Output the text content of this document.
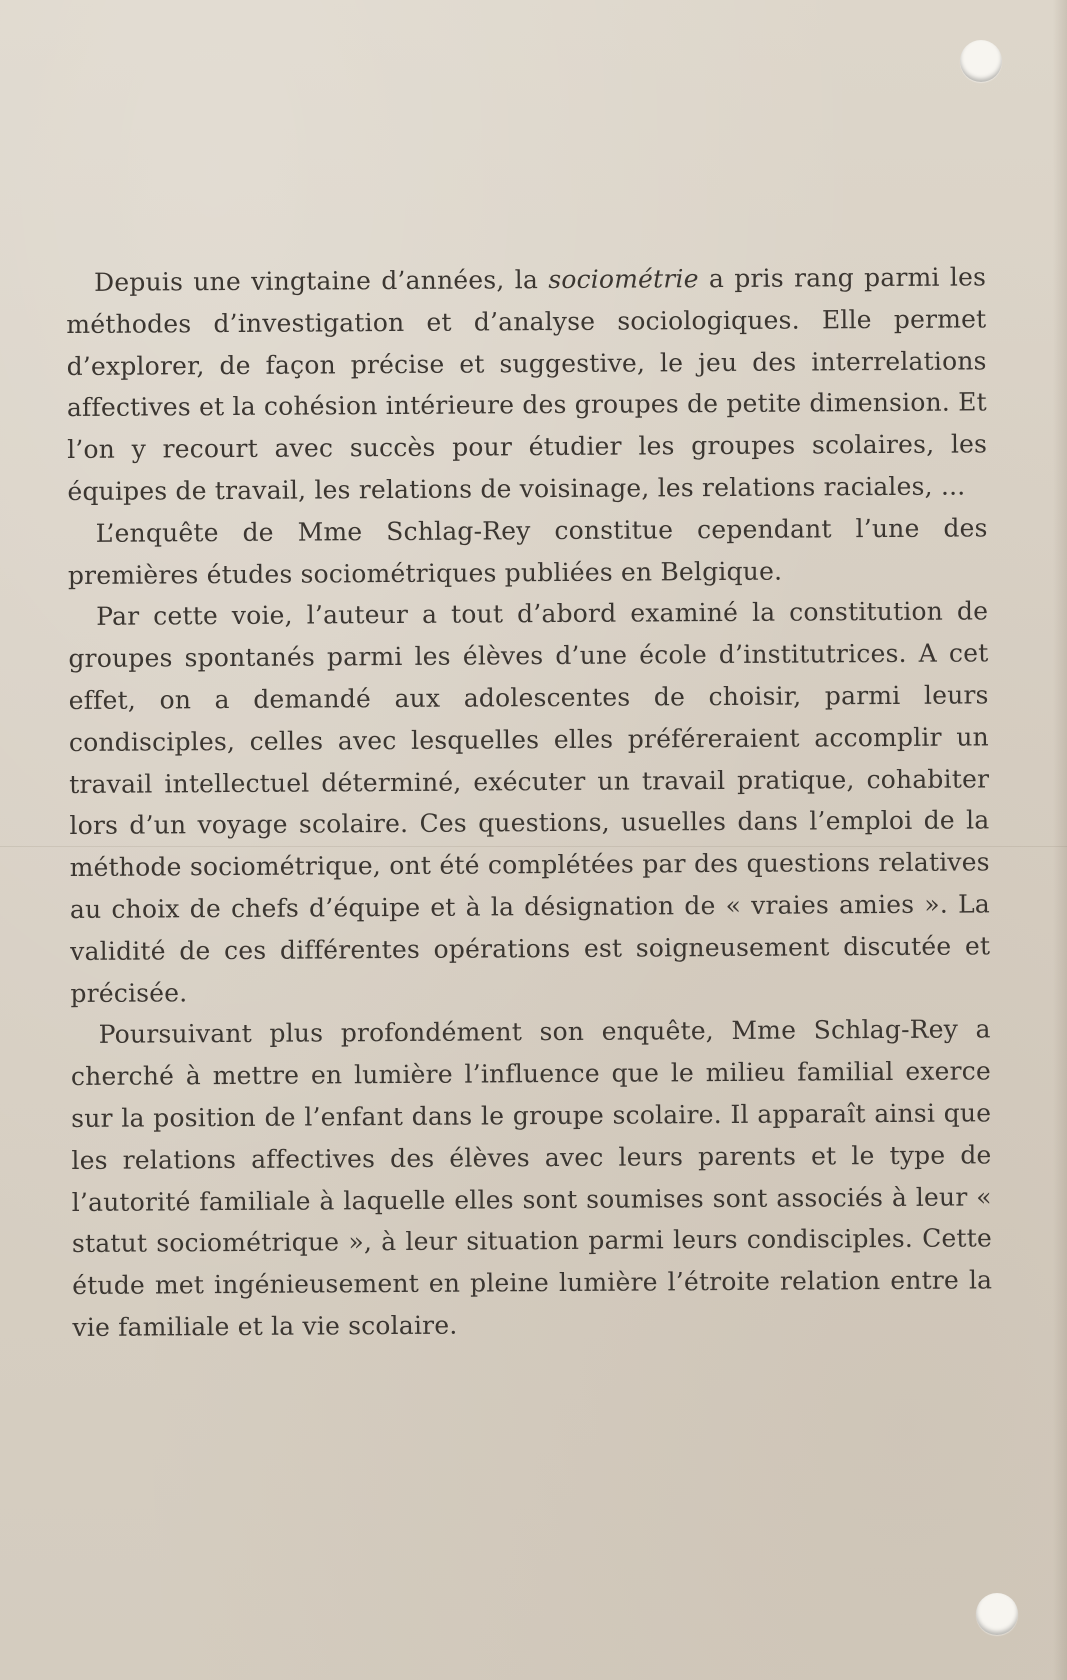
Depuis une vingtaine d’années, la sociométrie a pris rang parmi les méthodes d’investigation et d’analyse sociologiques. Elle permet d’explorer, de façon précise et suggestive, le jeu des interrelations affectives et la cohésion intérieure des groupes de petite dimension. Et l’on y recourt avec succès pour étudier les groupes scolaires, les équipes de travail, les relations de voisinage, les relations raciales, ...

L’enquête de Mme Schlag-Rey constitue cependant l’une des premières études sociométriques publiées en Belgique.

Par cette voie, l’auteur a tout d’abord examiné la constitution de groupes spontanés parmi les élèves d’une école d’institutrices. A cet effet, on a demandé aux adolescentes de choisir, parmi leurs condisciples, celles avec lesquelles elles préféreraient accomplir un travail intellectuel déterminé, exécuter un travail pratique, cohabiter lors d’un voyage scolaire. Ces questions, usuelles dans l’emploi de la méthode sociométrique, ont été complétées par des questions relatives au choix de chefs d’équipe et à la désignation de « vraies amies ». La validité de ces différentes opérations est soigneusement discutée et précisée.

Poursuivant plus profondément son enquête, Mme Schlag-Rey a cherché à mettre en lumière l’influence que le milieu familial exerce sur la position de l’enfant dans le groupe scolaire. Il apparaît ainsi que les relations affectives des élèves avec leurs parents et le type de l’autorité familiale à laquelle elles sont soumises sont associés à leur « statut sociométrique », à leur situation parmi leurs condisciples. Cette étude met ingénieusement en pleine lumière l’étroite relation entre la vie familiale et la vie scolaire.
